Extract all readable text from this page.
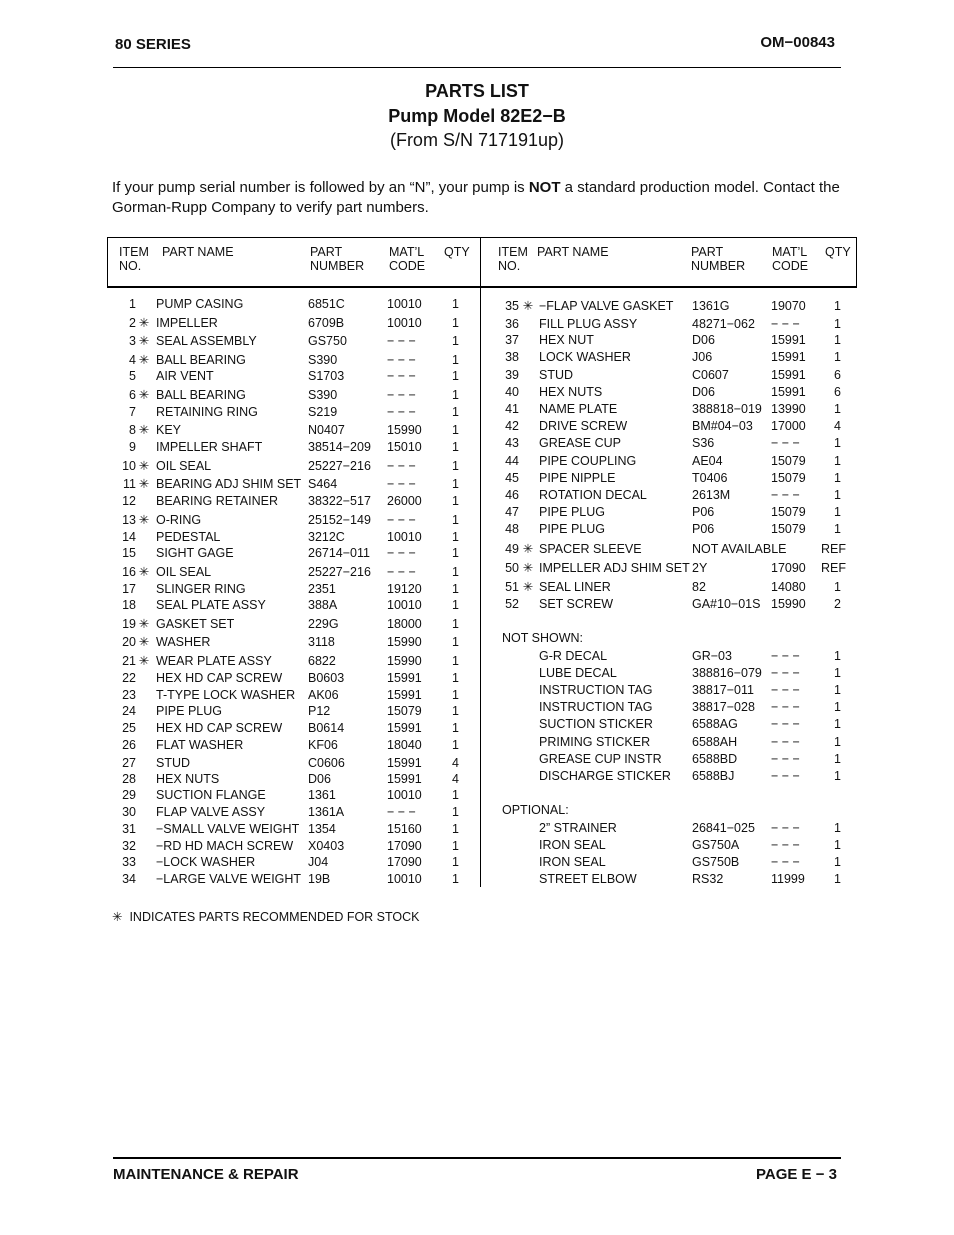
80 SERIES	OM−00843
PARTS LIST
Pump Model 82E2−B
(From S/N 717191up)
If your pump serial number is followed by an “N”, your pump is NOT a standard production model. Contact the Gorman-Rupp Company to verify part numbers.
ITEM
NO.
PART NAME	PART
NUMBER
MAT’L
CODE
QTY ITEM
NO.
PART NAME	PART
NUMBER
MAT’L
CODE
QTY
1 PUMP CASING	6851C	10010	1
2 ✳ IMPELLER	6709B	10010	1
3 ✳ SEAL ASSEMBLY	GS750	− − −	1
4 ✳ BALL BEARING	S390	− − −	1
5 AIR VENT	S1703	− − −	1
6 ✳ BALL BEARING	S390	− − −	1
7 RETAINING RING	S219	− − −	1
8 ✳ KEY	N0407	15990	1
9 IMPELLER SHAFT	38514−209 15010	1
10 ✳ OIL SEAL	25227−216 − − −	1
11 ✳ BEARING ADJ SHIM SET S464	− − −	1
12 BEARING RETAINER 38322−517 26000	1
13 ✳ O-RING	25152−149 − − −	1
14 PEDESTAL	3212C	10010	1
15 SIGHT GAGE	26714−011 − − −	1
16 ✳ OIL SEAL	25227−216 − − −	1
17 SLINGER RING	2351	19120	1
18 SEAL PLATE ASSY	388A	10010	1
19 ✳ GASKET SET	229G	18000	1
20 ✳ WASHER	3118	15990	1
21 ✳ WEAR PLATE ASSY	6822	15990	1
22 HEX HD CAP SCREW B0603	15991	1
23 T-TYPE LOCK WASHER AK06	15991	1
24 PIPE PLUG	P12	15079	1
25 HEX HD CAP SCREW B0614	15991	1
26 FLAT WASHER	KF06	18040	1
27 STUD	C0606	15991	4
28 HEX NUTS	D06	15991	4
29 SUCTION FLANGE	1361	10010	1
30 FLAP VALVE ASSY	1361A	− − −	1
31 −SMALL VALVE WEIGHT 1354	15160	1
32 −RD HD MACH SCREW X0403	17090	1
33 −LOCK WASHER	J04	17090	1
34 −LARGE VALVE WEIGHT 19B	10010	1
35 ✳ −FLAP VALVE GASKET 1361G	19070	1
36 FILL PLUG ASSY	48271−062 − − −	1
37 HEX NUT	D06	15991	1
38 LOCK WASHER	J06	15991	1
39 STUD	C0607	15991	6
40 HEX NUTS	D06	15991	6
41 NAME PLATE	388818−019 13990	1
42 DRIVE SCREW	BM#04−03 17000	4
43 GREASE CUP	S36	− − −	1
44 PIPE COUPLING	AE04	15079	1
45 PIPE NIPPLE	T0406	15079	1
46 ROTATION DECAL	2613M	− − −	1
47 PIPE PLUG	P06	15079	1
48 PIPE PLUG	P06	15079	1
49 ✳ SPACER SLEEVE	NOT AVAILABLE	REF
50 ✳ IMPELLER ADJ SHIM SET 2Y	17090 REF
51 ✳ SEAL LINER	82	14080	1
52 SET SCREW	GA#10−01S 15990	2
NOT SHOWN:
G-R DECAL	GR−03	− − −	1
LUBE DECAL	388816−079 − − −	1
INSTRUCTION TAG	38817−011 − − −	1
INSTRUCTION TAG	38817−028 − − −	1
SUCTION STICKER	6588AG	− − −	1
PRIMING STICKER	6588AH	− − −	1
GREASE CUP INSTR 6588BD	− − −	1
DISCHARGE STICKER 6588BJ	− − −	1
OPTIONAL:
2” STRAINER	26841−025 − − −	1
IRON SEAL	GS750A	− − −	1
IRON SEAL	GS750B	− − −	1
STREET ELBOW	RS32	11999	1
✳ INDICATES PARTS RECOMMENDED FOR STOCK
MAINTENANCE & REPAIR	PAGE E − 3
